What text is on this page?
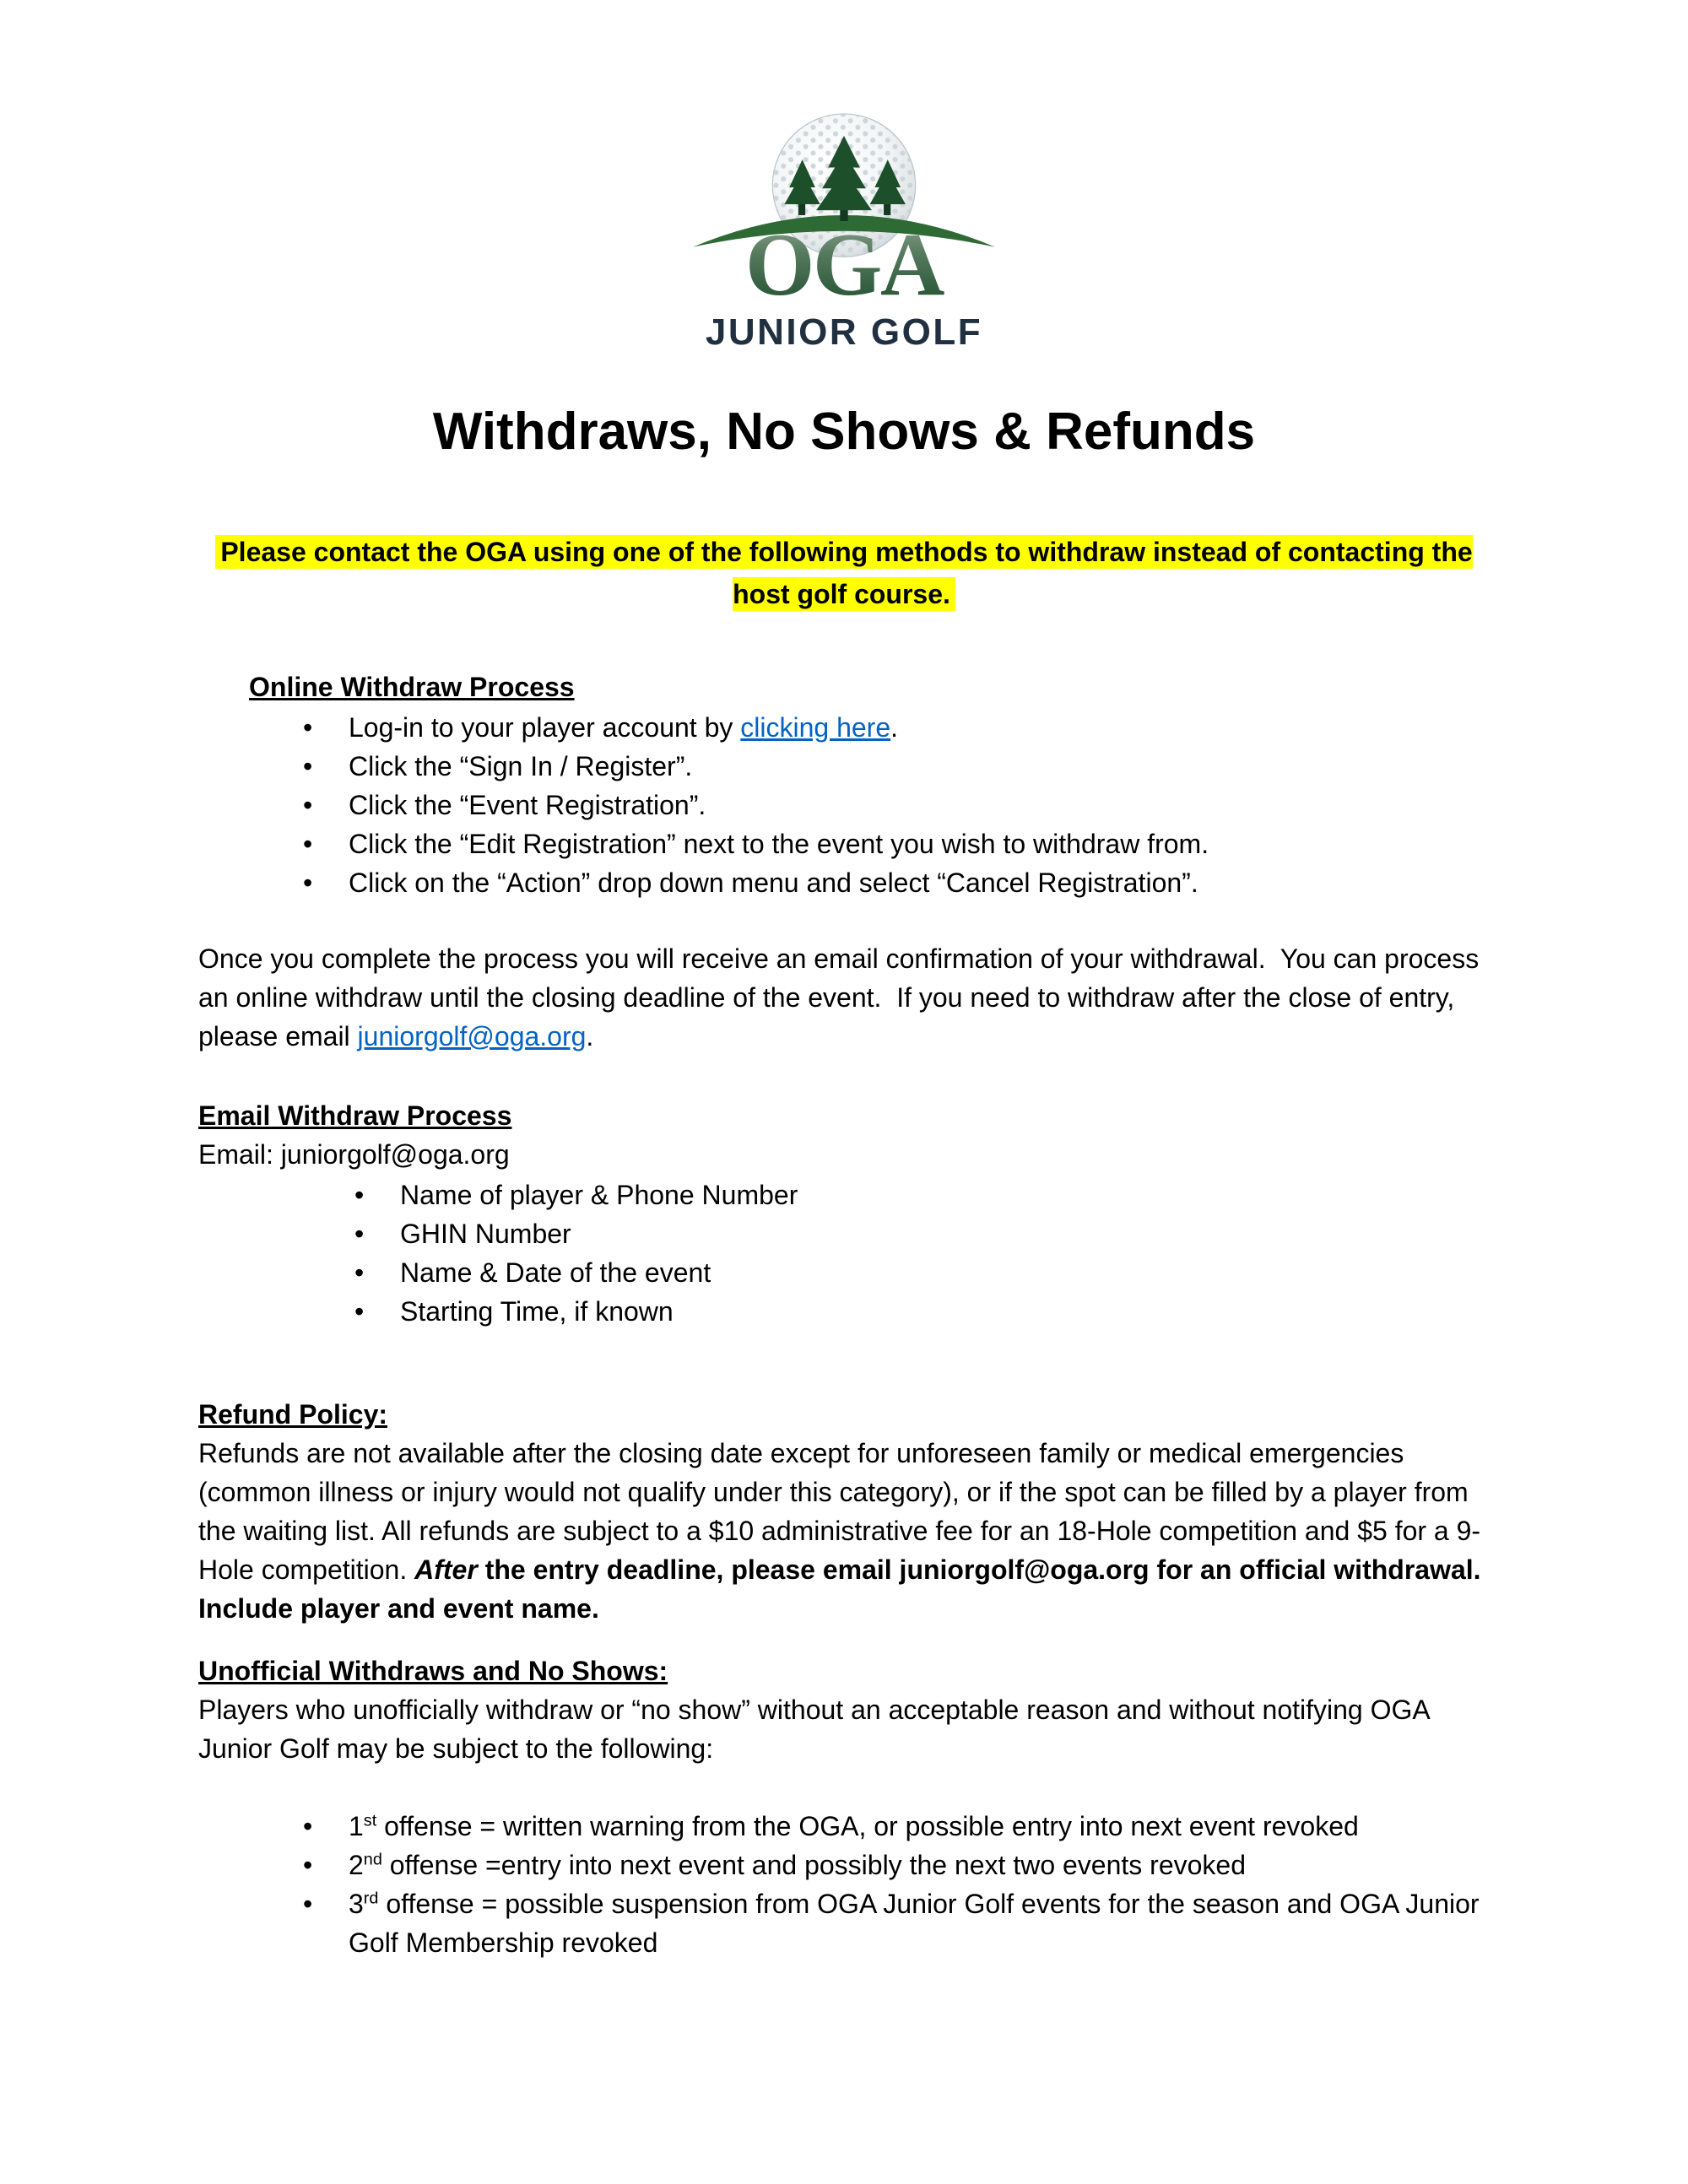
OGA
JUNIOR GOLF
Withdraws, No Shows & Refunds

Please contact the OGA using one of the following methods to withdraw instead of contacting the host golf course.

Online Withdraw Process
• Log-in to your player account by clicking here.
• Click the “Sign In / Register”.
• Click the “Event Registration”.
• Click the “Edit Registration” next to the event you wish to withdraw from.
• Click on the “Action” drop down menu and select “Cancel Registration”.

Once you complete the process you will receive an email confirmation of your withdrawal.  You can process an online withdraw until the closing deadline of the event.  If you need to withdraw after the close of entry, please email juniorgolf@oga.org.

Email Withdraw Process

Email: juniorgolf@oga.org

• Name of player & Phone Number
• GHIN Number
• Name & Date of the event
• Starting Time, if known
Refund Policy:

Refunds are not available after the closing date except for unforeseen family or medical emergencies (common illness or injury would not qualify under this category), or if the spot can be filled by a player from the waiting list. All refunds are subject to a $10 administrative fee for an 18-Hole competition and $5 for a 9-Hole competition. After the entry deadline, please email juniorgolf@oga.org for an official withdrawal. Include player and event name.

Unofficial Withdraws and No Shows:

Players who unofficially withdraw or “no show” without an acceptable reason and without notifying OGA Junior Golf may be subject to the following:

• 1st offense = written warning from the OGA, or possible entry into next event revoked
• 2nd offense =entry into next event and possibly the next two events revoked
• 3rd offense = possible suspension from OGA Junior Golf events for the season and OGA Junior Golf Membership revoked
